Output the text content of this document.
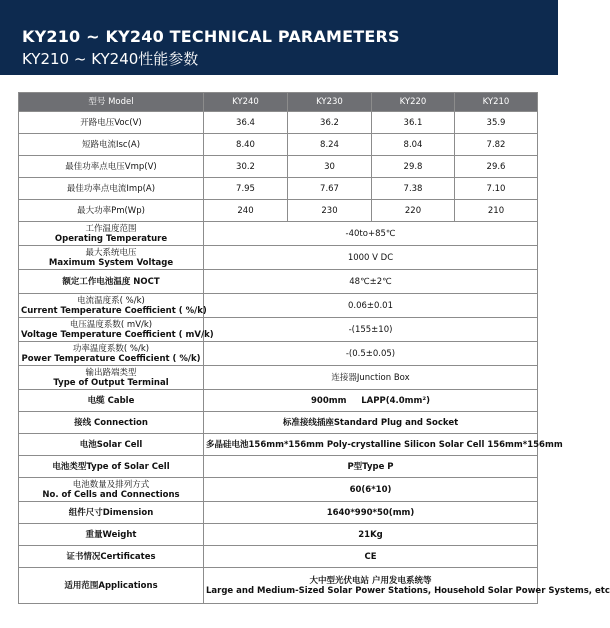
KY210 ~ KY240 TECHNICAL PARAMETERS
KY210 ~ KY240性能参数
型号 Model	KY240	KY230	KY220	KY210
开路电压Voc(V)	36.4	36.2	36.1	35.9
短路电流Isc(A)	8.40	8.24	8.04	7.82
最佳功率点电压Vmp(V)	30.2	30	29.8	29.6
最佳功率点电流Imp(A)	7.95	7.67	7.38	7.10
最大功率Pm(Wp)	240	230	220	210

工作温度范围
Operating Temperature	-40to+85℃			

最大系统电压
Maximum System Voltage	1000 V DC			
额定工作电池温度 NOCT	48℃±2℃			

电流温度系( %/k)
Current Temperature Coefficient ( %/k)	0.06±0.01			

电压温度系数( mV/k)
Voltage Temperature Coefficient ( mV/k)	-(155±10)			

功率温度系数( %/k)
Power Temperature Coefficient ( %/k)	-(0.5±0.05)			

输出路端类型
Type of Output Terminal	连接器Junction Box			
电缆 Cable	900mm     LAPP(4.0mm²)			
接线 Connection	标准接线插座Standard Plug and Socket			
电池Solar Cell	多晶硅电池156mm*156mm Poly-crystalline Silicon Solar Cell 156mm*156mm			
电池类型Type of Solar Cell	P型Type P			

电池数量及排列方式
No. of Cells and Connections	60(6*10)			
组件尺寸Dimension	1640*990*50(mm)			
重量Weight	21Kg			
证书情况Certificates	CE			
适用范围Applications	大中型光伏电站 户用发电系统等
Large and Medium-Sized Solar Power Stations, Household Solar Power Systems, etc			
